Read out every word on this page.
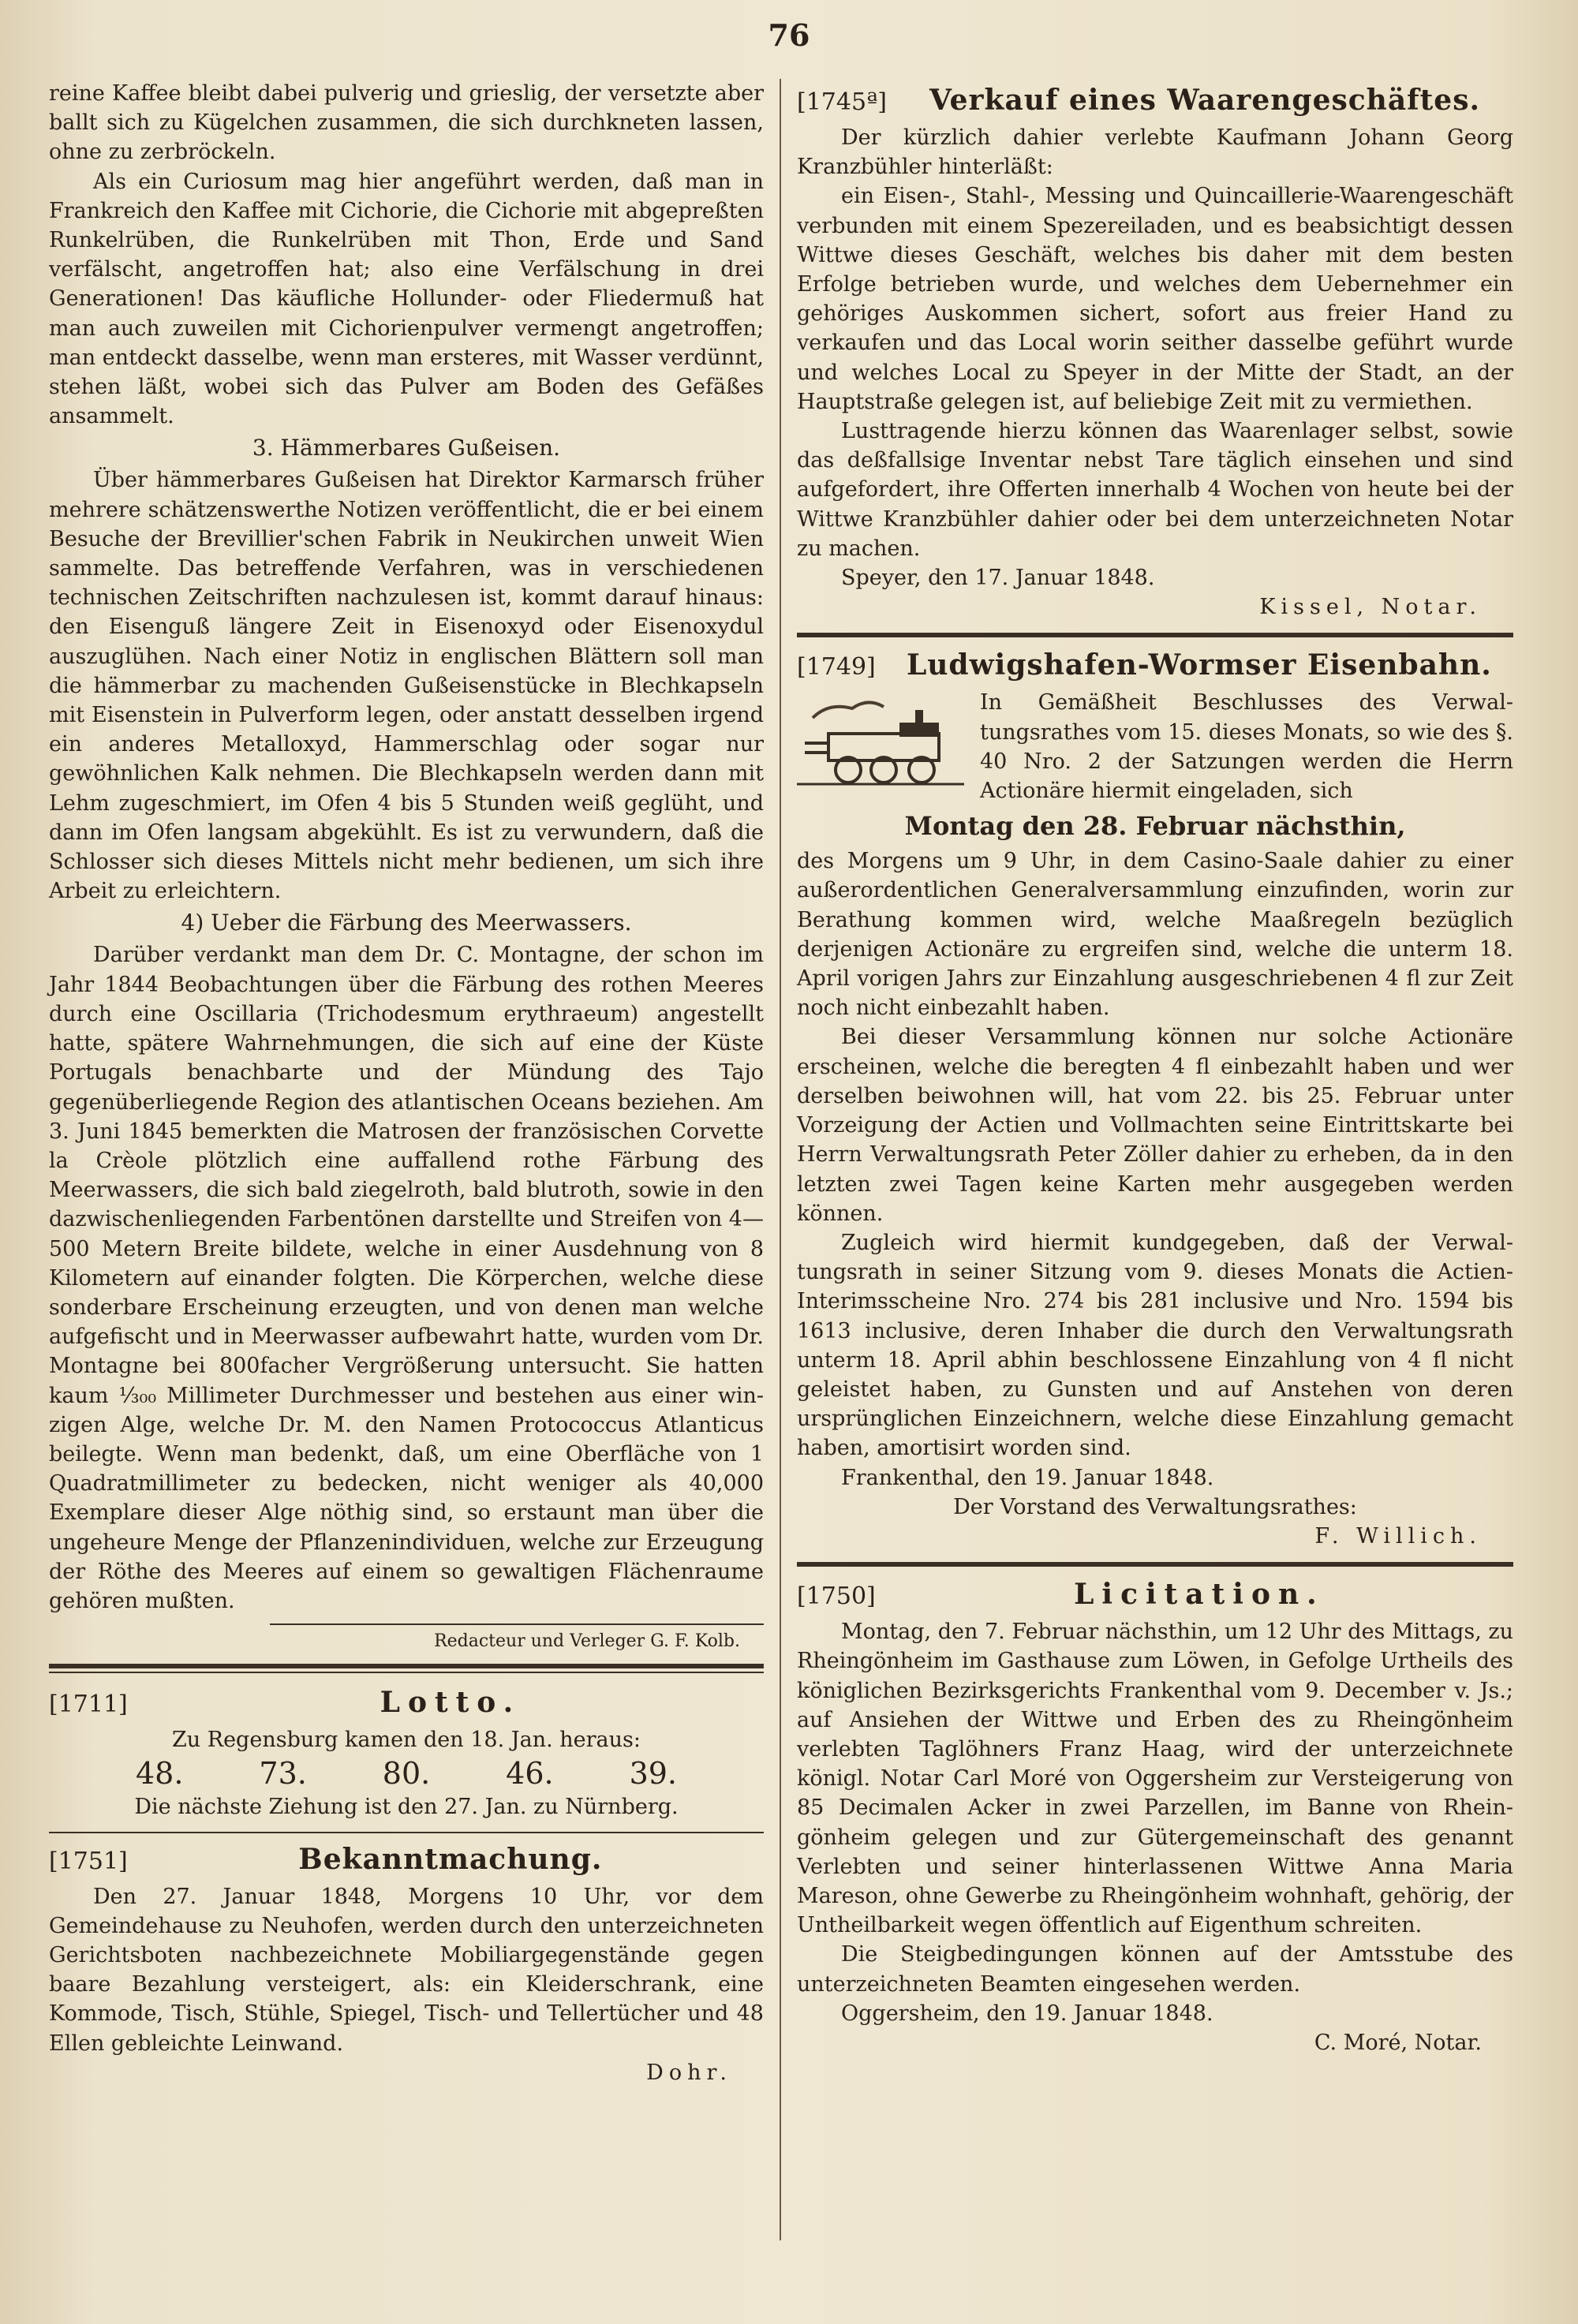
76

reine Kaffee bleibt dabei pulverig und grieslig, der versetzte aber ballt sich zu Kügelchen zusammen, die sich durchkneten lassen, ohne zu zerbröckeln.

Als ein Curiosum mag hier angeführt werden, daß man in Frankreich den Kaffee mit Cichorie, die Cichorie mit abgepreßten Runkelrüben, die Runkelrüben mit Thon, Erde und Sand verfälscht, angetroffen hat; also eine Verfälschung in drei Generationen! Das käufliche Hollunder- oder Fliedermuß hat man auch zuweilen mit Cichorienpulver vermengt angetroffen; man entdeckt dasselbe, wenn man ersteres, mit Wasser verdünnt, stehen läßt, wobei sich das Pulver am Boden des Gefäßes ansammelt.

3. Hämmerbares Gußeisen.

Über hämmerbares Gußeisen hat Direktor Karmarsch früher mehrere schätzenswerthe Notizen veröffentlicht, die er bei einem Besuche der Brevillier'schen Fabrik in Neukirchen unweit Wien sammelte. Das betreffende Verfahren, was in verschiedenen technischen Zeitschriften nachzulesen ist, kommt darauf hinaus: den Eisenguß längere Zeit in Eisenoxyd oder Eisenoxydul auszuglühen. Nach einer Notiz in englischen Blättern soll man die hämmerbar zu machenden Gußeisenstücke in Blechkapseln mit Eisenstein in Pulverform legen, oder anstatt desselben irgend ein anderes Metalloxyd, Hammerschlag oder sogar nur gewöhnlichen Kalk nehmen. Die Blechkapseln werden dann mit Lehm zugeschmiert, im Ofen 4 bis 5 Stunden weiß geglüht, und dann im Ofen langsam abgekühlt. Es ist zu verwundern, daß die Schlosser sich dieses Mittels nicht mehr bedienen, um sich ihre Arbeit zu erleichtern.

4) Ueber die Färbung des Meerwassers.

Darüber verdankt man dem Dr. C. Montagne, der schon im Jahr 1844 Beobachtungen über die Färbung des rothen Meeres durch eine Oscillaria (Trichodesmum erythraeum) angestellt hatte, spätere Wahrnehmungen, die sich auf eine der Küste Portugals benachbarte und der Mündung des Tajo gegenüberliegende Region des atlantischen Oceans beziehen. Am 3. Juni 1845 bemerkten die Matrosen der französischen Corvette la Crèole plötzlich eine auffallend rothe Färbung des Meerwassers, die sich bald ziegelroth, bald blutroth, sowie in den dazwischenliegenden Farbentönen darstellte und Streifen von 4—500 Metern Breite bildete, welche in einer Ausdehnung von 8 Kilometern auf einander folgten. Die Körperchen, welche diese sonderbare Erscheinung erzeugten, und von denen man welche aufgefischt und in Meerwasser aufbewahrt hatte, wurden vom Dr. Montagne bei 800facher Vergrößerung untersucht. Sie hatten kaum ⅓₀₀ Millimeter Durchmesser und bestehen aus einer winzigen Alge, welche Dr. M. den Namen Protococcus Atlanticus beilegte. Wenn man bedenkt, daß, um eine Oberfläche von 1 Quadratmillimeter zu bedecken, nicht weniger als 40,000 Exemplare dieser Alge nöthig sind, so erstaunt man über die ungeheure Menge der Pflanzenindividuen, welche zur Erzeugung der Röthe des Meeres auf einem so gewaltigen Flächenraume gehören mußten.

Redacteur und Verleger G. F. Kolb.
[1711]	Lotto.

Zu Regensburg kamen den 18. Jan. heraus:

48.	73.	80.	46.	39.

Die nächste Ziehung ist den 27. Jan. zu Nürnberg.

[1751]	Bekanntmachung.

Den 27. Januar 1848, Morgens 10 Uhr, vor dem Gemeindehause zu Neuhofen, werden durch den unterzeichneten Gerichtsboten nachbezeichnete Mobiliargegenstände gegen baare Bezahlung versteigert, als: ein Kleiderschrank, eine Kommode, Tisch, Stühle, Spiegel, Tisch- und Tellertücher und 48 Ellen gebleichte Leinwand.

Dohr.

[1745ª]	Verkauf eines Waarengeschäftes.

Der kürzlich dahier verlebte Kaufmann Johann Georg Kranzbühler hinterläßt:

ein Eisen-, Stahl-, Messing und Quincaillerie-Waarengeschäft verbunden mit einem Spezereiladen, und es beabsichtigt dessen Wittwe dieses Geschäft, welches bis daher mit dem besten Erfolge betrieben wurde, und welches dem Uebernehmer ein gehöriges Auskommen sichert, sofort aus freier Hand zu verkaufen und das Local worin seither dasselbe geführt wurde und welches Local zu Speyer in der Mitte der Stadt, an der Hauptstraße gelegen ist, auf beliebige Zeit mit zu vermiethen.

Lusttragende hierzu können das Waarenlager selbst, sowie das deßfallsige Inventar nebst Tare täglich einsehen und sind aufgefordert, ihre Offerten innerhalb 4 Wochen von heute bei der Wittwe Kranzbühler dahier oder bei dem unterzeichneten Notar zu machen.

Speyer, den 17. Januar 1848.

Kissel, Notar.

[1749]	Ludwigshafen-Wormser Eisenbahn.

In Gemäßheit Beschlusses des Verwaltungsrathes vom 15. dieses Monats, so wie des §. 40 Nro. 2 der Satzungen werden die Herrn Actionäre hiermit eingeladen, sich

Montag den 28. Februar nächsthin,

des Morgens um 9 Uhr, in dem Casino-Saale dahier zu einer außerordentlichen Generalversammlung einzufinden, worin zur Berathung kommen wird, welche Maaßregeln bezüglich derjenigen Actionäre zu ergreifen sind, welche die unterm 18. April vorigen Jahrs zur Einzahlung ausgeschriebenen 4 fl zur Zeit noch nicht einbezahlt haben.

Bei dieser Versammlung können nur solche Actionäre erscheinen, welche die beregten 4 fl einbezahlt haben und wer derselben beiwohnen will, hat vom 22. bis 25. Februar unter Vorzeigung der Actien und Vollmachten seine Eintrittskarte bei Herrn Verwaltungsrath Peter Zöller dahier zu erheben, da in den letzten zwei Tagen keine Karten mehr ausgegeben werden können.

Zugleich wird hiermit kundgegeben, daß der Verwaltungsrath in seiner Sitzung vom 9. dieses Monats die Actien-Interimsscheine Nro. 274 bis 281 inclusive und Nro. 1594 bis 1613 inclusive, deren Inhaber die durch den Verwaltungsrath unterm 18. April abhin beschlossene Einzahlung von 4 fl nicht geleistet haben, zu Gunsten und auf Anstehen von deren ursprünglichen Einzeichnern, welche diese Einzahlung gemacht haben, amortisirt worden sind.

Frankenthal, den 19. Januar 1848.

Der Vorstand des Verwaltungsrathes:

F. Willich.

[1750]	Licitation.

Montag, den 7. Februar nächsthin, um 12 Uhr des Mittags, zu Rheingönheim im Gasthause zum Löwen, in Gefolge Urtheils des königlichen Bezirksgerichts Frankenthal vom 9. December v. Js.; auf Ansiehen der Wittwe und Erben des zu Rheingönheim verlebten Taglöhners Franz Haag, wird der unterzeichnete königl. Notar Carl Moré von Oggersheim zur Versteigerung von 85 Decimalen Acker in zwei Parzellen, im Banne von Rheingönheim gelegen und zur Gütergemeinschaft des genannt Verlebten und seiner hinterlassenen Wittwe Anna Maria Mareson, ohne Gewerbe zu Rheingönheim wohnhaft, gehörig, der Untheilbarkeit wegen öffentlich auf Eigenthum schreiten.

Die Steigbedingungen können auf der Amtsstube des unterzeichneten Beamten eingesehen werden.

Oggersheim, den 19. Januar 1848.

C. Moré, Notar.
